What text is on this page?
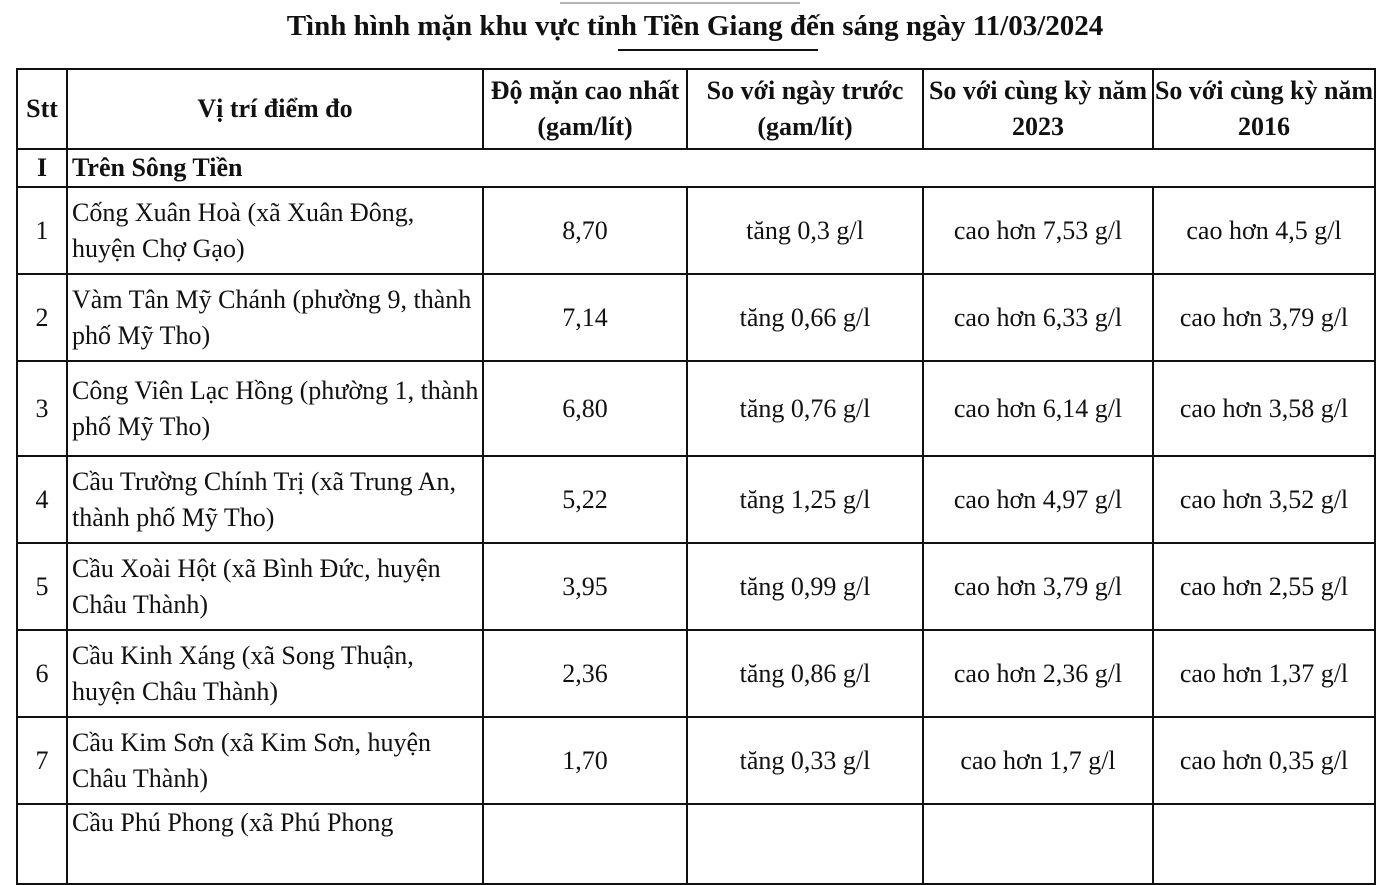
Tình hình mặn khu vực tỉnh Tiền Giang đến sáng ngày 11/03/2024
Stt	Vị trí điểm đo	Độ mặn cao nhất (gam/lít)	So với ngày trước (gam/lít)	So với cùng kỳ năm 2023	So với cùng kỳ năm 2016
I	Trên Sông Tiền				
1	Cống Xuân Hoà (xã Xuân Đông, huyện Chợ Gạo)	8,70	tăng 0,3 g/l	cao hơn 7,53 g/l	cao hơn 4,5 g/l
2	Vàm Tân Mỹ Chánh (phường 9, thành phố Mỹ Tho)	7,14	tăng 0,66 g/l	cao hơn 6,33 g/l	cao hơn 3,79 g/l
3	Công Viên Lạc Hồng (phường 1, thành phố Mỹ Tho)	6,80	tăng 0,76 g/l	cao hơn 6,14 g/l	cao hơn 3,58 g/l
4	Cầu Trường Chính Trị (xã Trung An, thành phố Mỹ Tho)	5,22	tăng 1,25 g/l	cao hơn 4,97 g/l	cao hơn 3,52 g/l
5	Cầu Xoài Hột (xã Bình Đức, huyện Châu Thành)	3,95	tăng 0,99 g/l	cao hơn 3,79 g/l	cao hơn 2,55 g/l
6	Cầu Kinh Xáng (xã Song Thuận, huyện Châu Thành)	2,36	tăng 0,86 g/l	cao hơn 2,36 g/l	cao hơn 1,37 g/l
7	Cầu Kim Sơn (xã Kim Sơn, huyện Châu Thành)	1,70	tăng 0,33 g/l	cao hơn 1,7 g/l	cao hơn 0,35 g/l
	Cầu Phú Phong (xã Phú Phong				
